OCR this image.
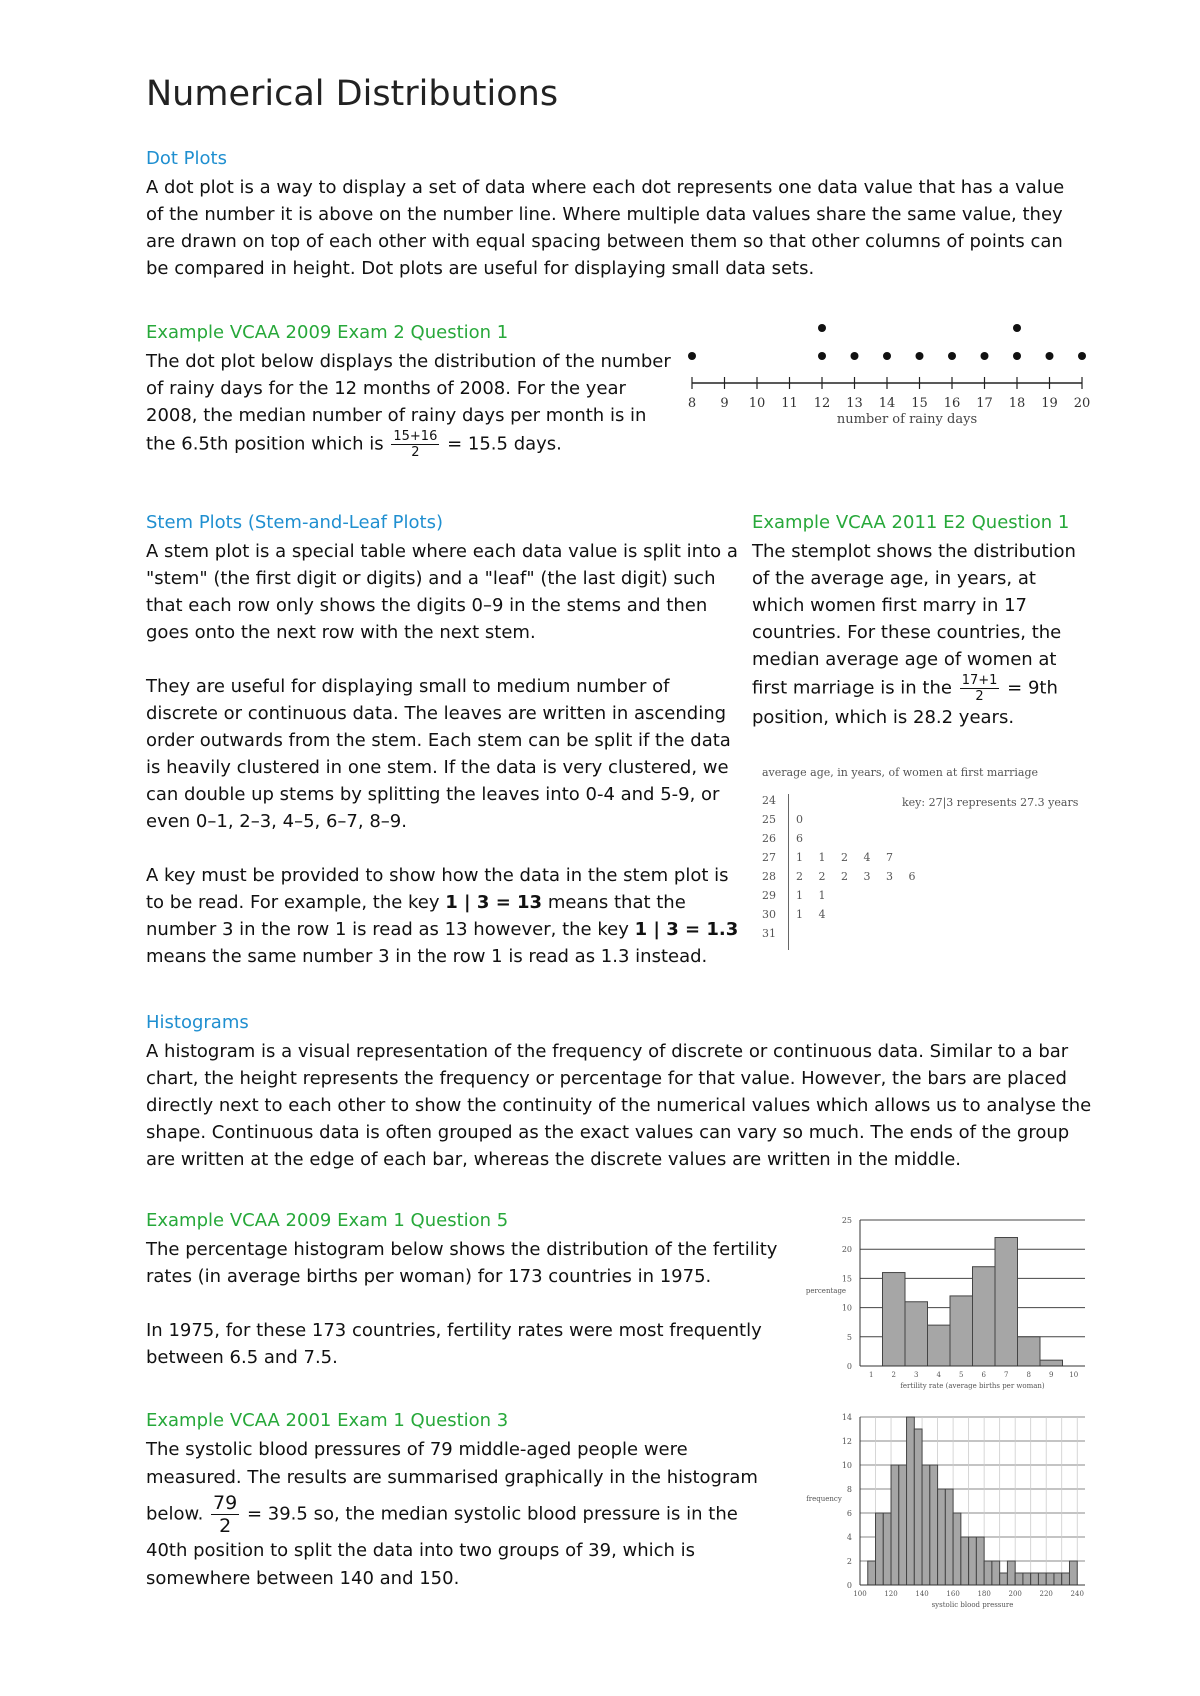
Numerical Distributions
Dot Plots
A dot plot is a way to display a set of data where each dot represents one data value that has a value of the number it is above on the number line. Where multiple data values share the same value, they are drawn on top of each other with equal spacing between them so that other columns of points can be compared in height. Dot plots are useful for displaying small data sets.
Example VCAA 2009 Exam 2 Question 1
The dot plot below displays the distribution of the number of rainy days for the 12 months of 2008. For the year 2008, the median number of rainy days per month is in the 6.5th position which is $\frac{15+16}{2} = 15.5$ days.
8 9 10 11 12 13 14 15 16 17 18 19 20
number of rainy days
Stem Plots (Stem-and-Leaf Plots)

A stem plot is a special table where each data value is split into a "stem" (the first digit or digits) and a "leaf" (the last digit) such that each row only shows the digits 0–9 in the stems and then goes onto the next row with the next stem.

They are useful for displaying small to medium number of discrete or continuous data. The leaves are written in ascending order outwards from the stem. Each stem can be split if the data is heavily clustered in one stem. If the data is very clustered, we can double up stems by splitting the leaves into 0-4 and 5-9, or even 0–1, 2–3, 4–5, 6–7, 8–9.

A key must be provided to show how the data in the stem plot is to be read. For example, the key 1 | 3 = 13 means that the number 3 in the row 1 is read as 13 however, the key 1 | 3 = 1.3 means the same number 3 in the row 1 is read as 1.3 instead.

Example VCAA 2011 E2 Question 1
The stemplot shows the distribution of the average age, in years, at which women first marry in 17 countries. For these countries, the median average age of women at first marriage is in the $\frac{17+1}{2} = 9th$ position, which is 28.2 years.
average age, in years, of women at first marriage
key: 27|3 represents 27.3 years
24
25 0
26 6
27 1 1 2 4 7
28 2 2 2 3 3 6
29 1 1
30 1 4
31
Histograms
A histogram is a visual representation of the frequency of discrete or continuous data. Similar to a bar chart, the height represents the frequency or percentage for that value. However, the bars are placed directly next to each other to show the continuity of the numerical values which allows us to analyse the shape. Continuous data is often grouped as the exact values can vary so much. The ends of the group are written at the edge of each bar, whereas the discrete values are written in the middle.
Example VCAA 2009 Exam 1 Question 5

The percentage histogram below shows the distribution of the fertility rates (in average births per woman) for 173 countries in 1975.

In 1975, for these 173 countries, fertility rates were most frequently between 6.5 and 7.5.	0
5
10
15
20
25
1	2	3	4	5	6	7	8	9 10
fertility rate (average births per woman)
percentage
Example VCAA 2001 Exam 1 Question 3
The systolic blood pressures of 79 middle-aged people were measured. The results are summarised graphically in the histogram below. $\frac{79}{2} = 39.5$ so, the median systolic blood pressure is in the 40th position to split the data into two groups of 39, which is somewhere between 140 and 150.	0
2
4
6
8
10
12
14
100	120	140	160	180	200	220	240
systolic blood pressure
frequency
